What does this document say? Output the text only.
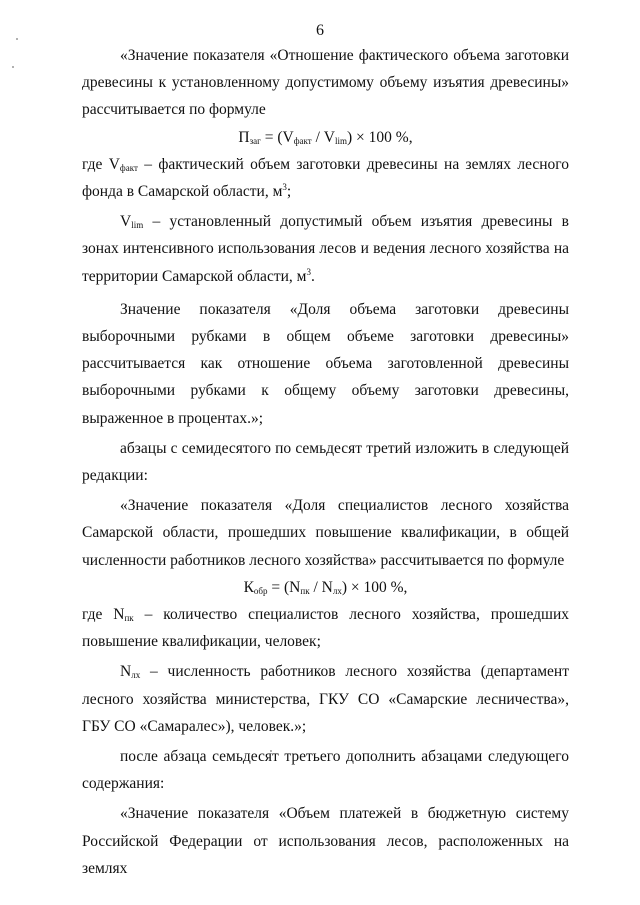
6

«Значение показателя «Отношение фактического объема заготовки древесины к установленному допустимому объему изъятия древесины» рассчитывается по формуле

$П_{заг} = (V_{факт} / V_{lim}) \times 100$ %,

где $V_{факт}$ – фактический объем заготовки древесины на землях лесного фонда в Самарской области, $м^3$;

$V_{lim}$ – установленный допустимый объем изъятия древесины в зонах интенсивного использования лесов и ведения лесного хозяйства на территории Самарской области, $м^3$.

Значение показателя «Доля объема заготовки древесины выборочными рубками в общем объеме заготовки древесины» рассчитывается как отношение объема заготовленной древесины выборочными рубками к общему объему заготовки древесины, выраженное в процентах.»;

абзацы с семидесятого по семьдесят третий изложить в следующей редакции:

«Значение показателя «Доля специалистов лесного хозяйства Самарской области, прошедших повышение квалификации, в общей численности работников лесного хозяйства» рассчитывается по формуле

$К_{обр} = (N_{пк} / N_{лх}) \times 100$ %,

где $N_{пк}$ – количество специалистов лесного хозяйства, прошедших повышение квалификации, человек;

$N_{лх}$ – численность работников лесного хозяйства (департамент лесного хозяйства министерства, ГКУ СО «Самарские лесничества», ГБУ СО «Самаралес»), человек.»;

после абзаца семьдесят третьего дополнить абзацами следующего содержания:

«Значение показателя «Объем платежей в бюджетную систему Российской Федерации от использования лесов, расположенных на землях
